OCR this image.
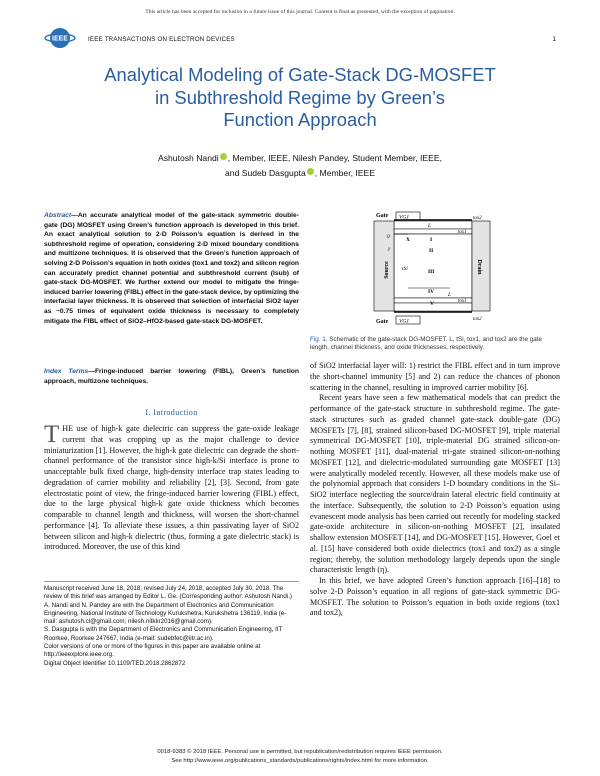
This article has been accepted for inclusion in a future issue of this journal. Content is final as presented, with the exception of pagination.
IEEE	IEEE TRANSACTIONS ON ELECTRON DEVICES	1
Analytical Modeling of Gate-Stack DG-MOSFET
in Subthreshold Regime by Green’s
Function Approach
Ashutosh Nandi , Member, IEEE, Nilesh Pandey, Student Member, IEEE,
and Sudeb Dasgupta , Member, IEEE
Abstract—An accurate analytical model of the gate-stack symmetric double-gate (DG) MOSFET using Green’s function approach is developed in this brief. An exact analytical solution to 2-D Poisson’s equation is derived in the subthreshold regime of operation, considering 2-D mixed boundary conditions and multizone techniques. It is observed that the Green’s function approach of solving 2-D Poisson’s equation in both oxides (tox1 and tox2) and silicon region can accurately predict channel potential and subthreshold current (Isub) of gate-stack DG-MOSFET. We further extend our model to mitigate the fringe-induced barrier lowering (FIBL) effect in the gate-stack device, by optimizing the interfacial layer thickness. It is observed that selection of interfacial SiO2 layer as ~0.75 times of equivalent oxide thickness is necessary to completely mitigate the FIBL effect of SiO2–HfO2-based gate-stack DG-MOSFET.
Index Terms—Fringe-induced barrier lowering (FIBL), Green’s function approach, multizone techniques.
I. Introduction
THE use of high-k gate dielectric can suppress the gate-oxide leakage current that was cropping up as the major challenge to device miniaturization [1]. However, the high-k gate dielectric can degrade the short-channel performance of the transistor since high-k/Si interface is prone to unacceptable bulk fixed charge, high-density interface trap states leading to degradation of carrier mobility and reliability [2], [3]. Second, from gate electrostatic point of view, the fringe-induced barrier lowering (FIBL) effect, due to the large physical high-k gate oxide thickness which becomes comparable to channel length and thickness, will worsen the short-channel performance [4]. To alleviate these issues, a thin passivating layer of SiO2 between silicon and high-k dielectric (thus, forming a gate dielectric stack) is introduced. Moreover, the use of this kind

Manuscript received June 18, 2018; revised July 24, 2018; accepted July 30, 2018. The review of this brief was arranged by Editor L. Ge. (Corresponding author: Ashutosh Nandi.)

A. Nandi and N. Pandey are with the Department of Electronics and Communication Engineering, National Institute of Technology Kurukshetra, Kurukshetra 136119, India (e-mail: ashutosh.cl@gmail.com; nilesh.nitkkr2016@gmail.com).

S. Dasgupta is with the Department of Electronics and Communication Engineering, IIT Roorkee, Roorkee 247667, India (e-mail: sudebfec@iitr.ac.in).

Color versions of one or more of the figures in this paper are available online at http://ieeexplore.ieee.org.

Digital Object Identifier 10.1109/TED.2018.2862872

Gate VG1
Source	Drain
0	X
y
L
I
II
III
IV
V
L
tSi
tox2
tox1
tox2
tox1
Gate VG1
Fig. 1. Schematic of the gate-stack DG-MOSFET. L, tSi, tox1, and tox2 are the gate length, channel thickness, and oxide thicknesses, respectively.

of SiO2 interfacial layer will: 1) restrict the FIBL effect and in turn improve the short-channel immunity [5] and 2) can reduce the chances of phonon scattering in the channel, resulting in improved carrier mobility [6].

Recent years have seen a few mathematical models that can predict the performance of the gate-stack structure in subthreshold regime. The gate-stack structures such as graded channel gate-stack double-gate (DG) MOSFETs [7], [8], strained silicon-based DG-MOSFET [9], triple material symmetrical DG-MOSFET [10], triple-material DG strained silicon-on-nothing MOSFET [11], dual-material tri-gate strained silicon-on-nothing MOSFET [12], and dielectric-modulated surrounding gate MOSFET [13] were analytically modeled recently. However, all these models make use of the polynomial approach that considers 1-D boundary conditions in the Si–SiO2 interface neglecting the source/drain lateral electric field continuity at the interface. Subsequently, the solution to 2-D Poisson’s equation using evanescent mode analysis has been carried out recently for modeling stacked gate-oxide architecture in silicon-on-nothing MOSFET [2], insulated shallow extension MOSFET [14], and DG-MOSFET [15]. However, Goel et al. [15] have considered both oxide dielectrics (tox1 and tox2) as a single region; thereby, the solution methodology largely depends upon the single characteristic length (η).

In this brief, we have adopted Green’s function approach [16]–[18] to solve 2-D Poisson’s equation in all regions of gate-stack symmetric DG-MOSFET. The solution to Poisson’s equation in both oxide regions (tox1 and tox2),

0018-9383 © 2018 IEEE. Personal use is permitted, but republication/redistribution requires IEEE permission.
See http://www.ieee.org/publications_standards/publications/rights/index.html for more information.
